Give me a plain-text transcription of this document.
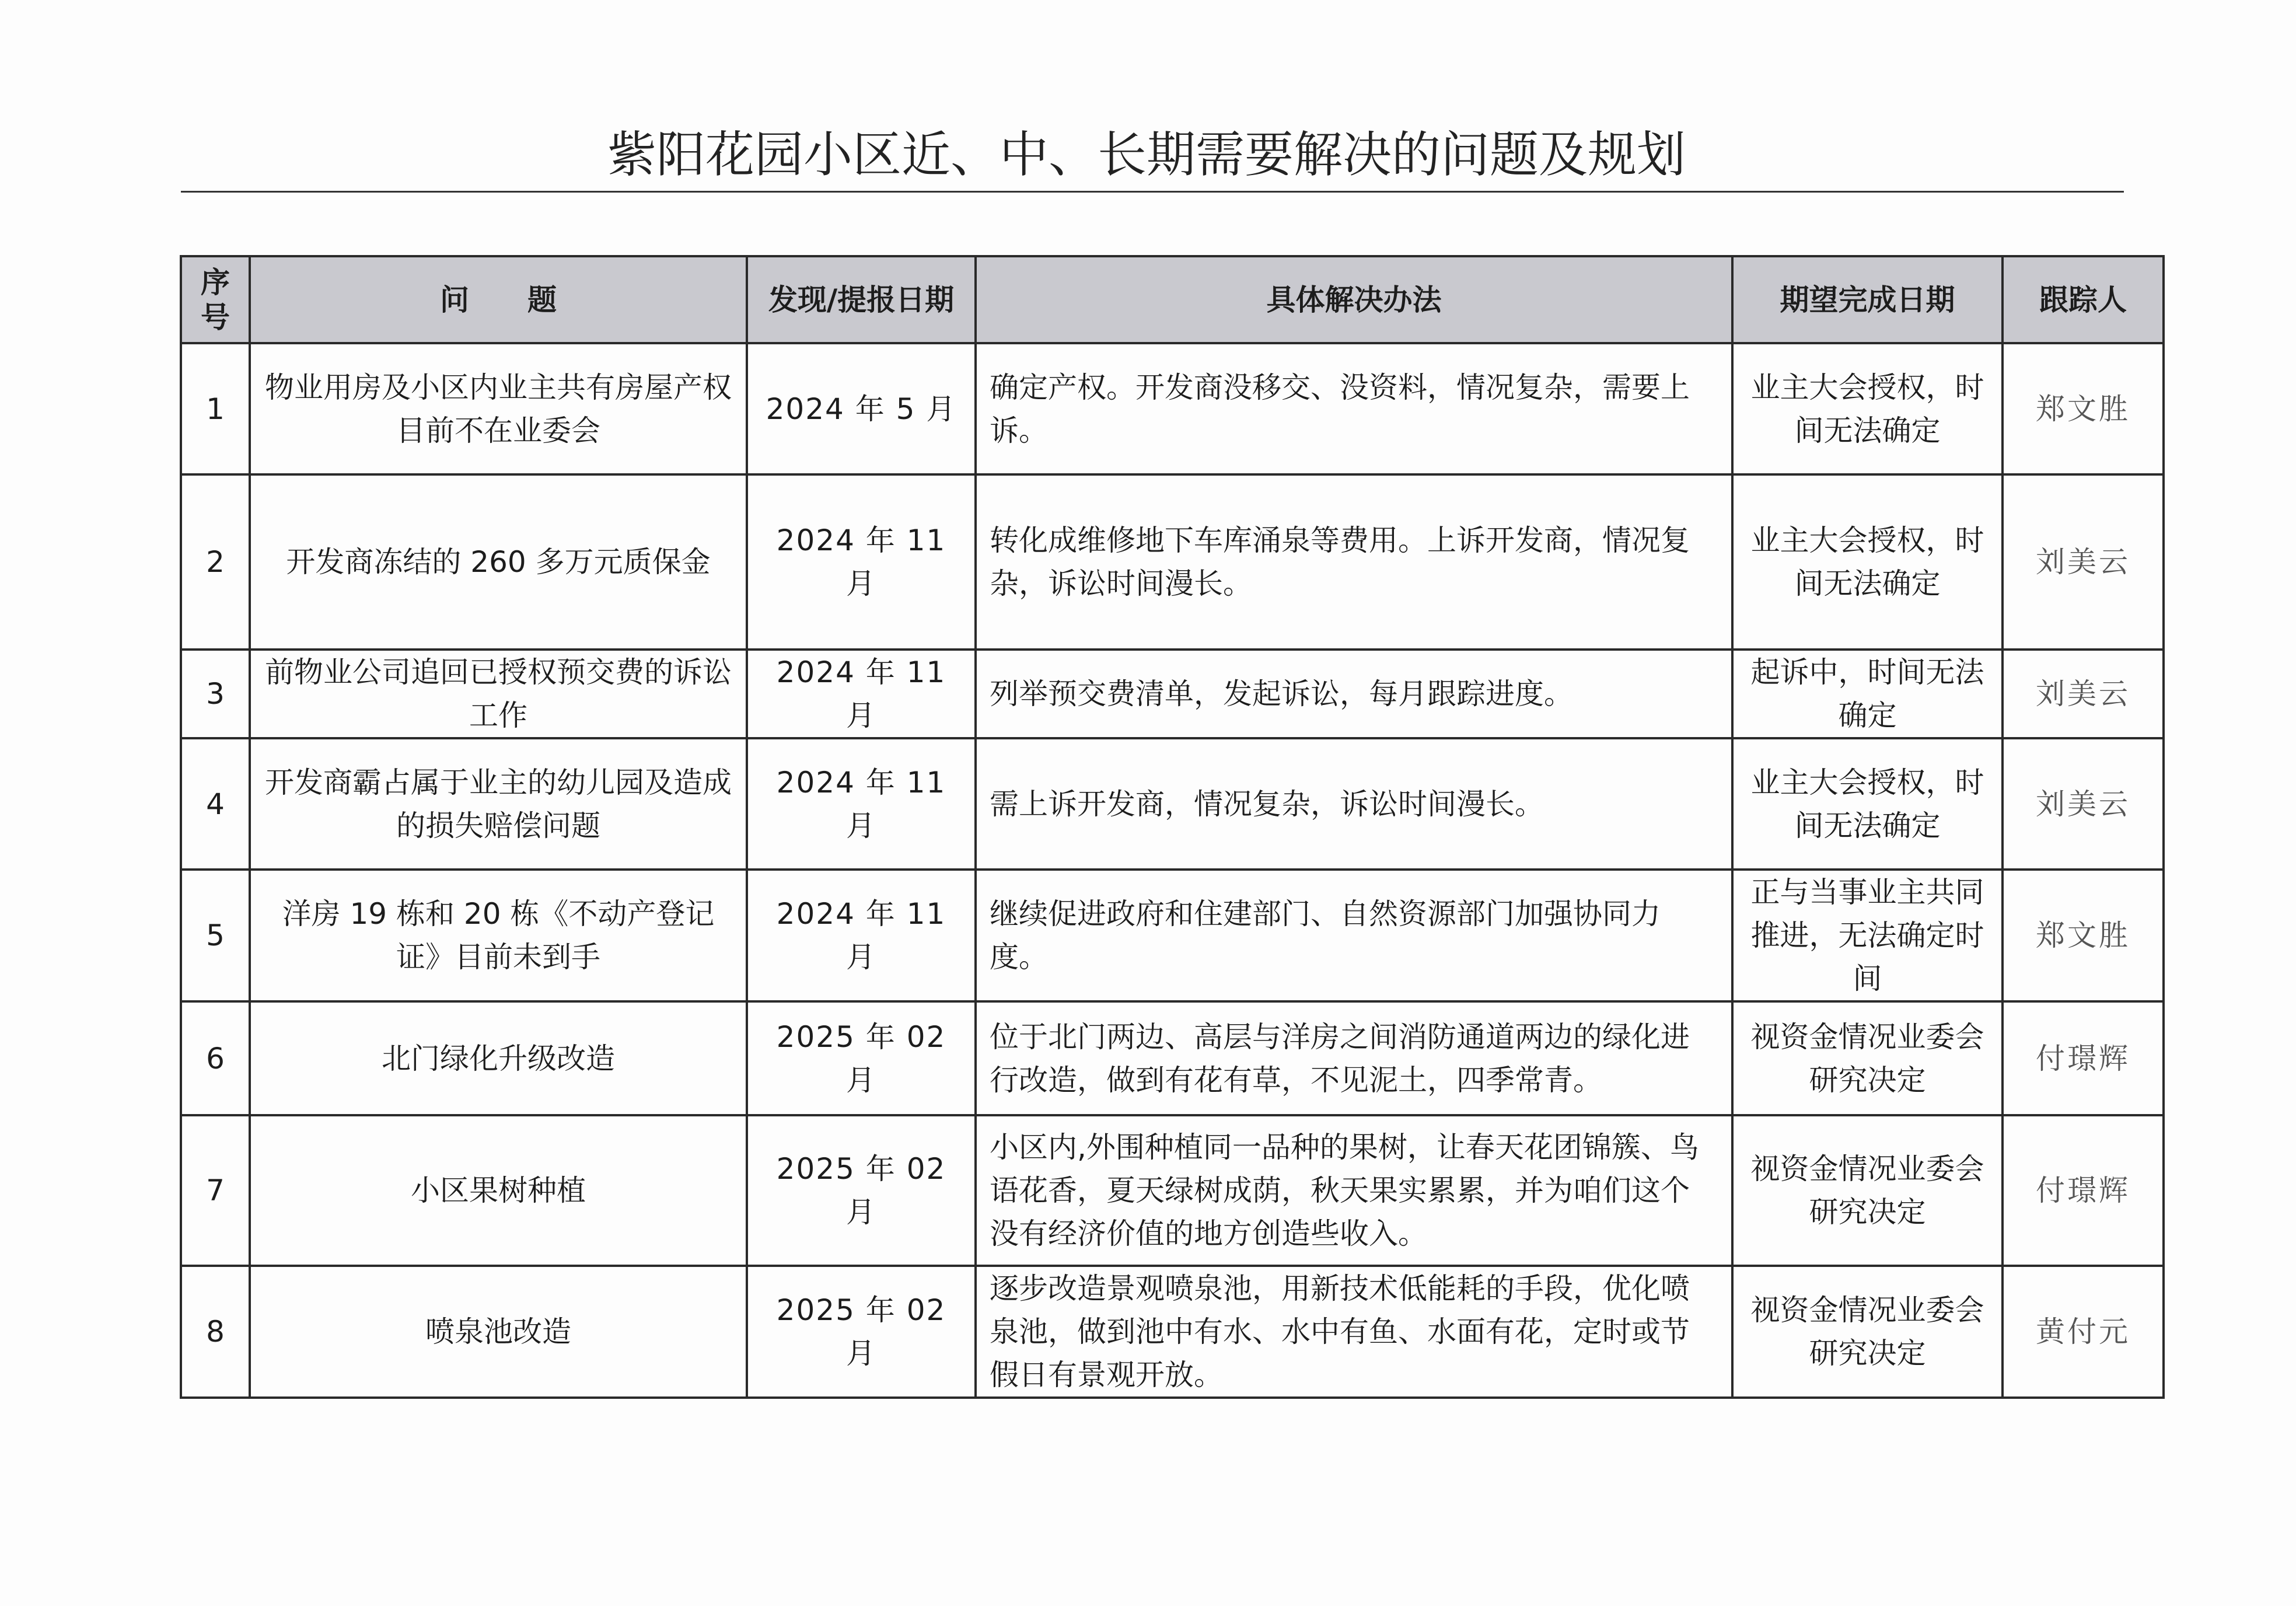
紫阳花园小区近、中、长期需要解决的问题及规划
序号	问　　题	发现/提报日期	具体解决办法	期望完成日期	跟踪人
1	物业用房及小区内业主共有房屋产权目前不在业委会	2024 年 5 月	确定产权。开发商没移交、没资料，情况复杂，需要上诉。	业主大会授权，时间无法确定	郑文胜
2	开发商冻结的 260 多万元质保金	2024 年 11 月	转化成维修地下车库涌泉等费用。上诉开发商，情况复杂，诉讼时间漫长。	业主大会授权，时间无法确定	刘美云
3	前物业公司追回已授权预交费的诉讼工作	2024 年 11 月	列举预交费清单，发起诉讼，每月跟踪进度。	起诉中，时间无法确定	刘美云
4	开发商霸占属于业主的幼儿园及造成的损失赔偿问题	2024 年 11 月	需上诉开发商，情况复杂，诉讼时间漫长。	业主大会授权，时间无法确定	刘美云
5	洋房 19 栋和 20 栋《不动产登记证》目前未到手	2024 年 11 月	继续促进政府和住建部门、自然资源部门加强协同力度。	正与当事业主共同推进，无法确定时间	郑文胜
6	北门绿化升级改造	2025 年 02 月	位于北门两边、高层与洋房之间消防通道两边的绿化进行改造，做到有花有草，不见泥土，四季常青。	视资金情况业委会研究决定	付璟辉
7	小区果树种植	2025 年 02 月	小区内,外围种植同一品种的果树，让春天花团锦簇、鸟语花香，夏天绿树成荫，秋天果实累累，并为咱们这个没有经济价值的地方创造些收入。	视资金情况业委会研究决定	付璟辉
8	喷泉池改造	2025 年 02 月	逐步改造景观喷泉池，用新技术低能耗的手段，优化喷泉池，做到池中有水、水中有鱼、水面有花，定时或节假日有景观开放。	视资金情况业委会研究决定	黄付元
